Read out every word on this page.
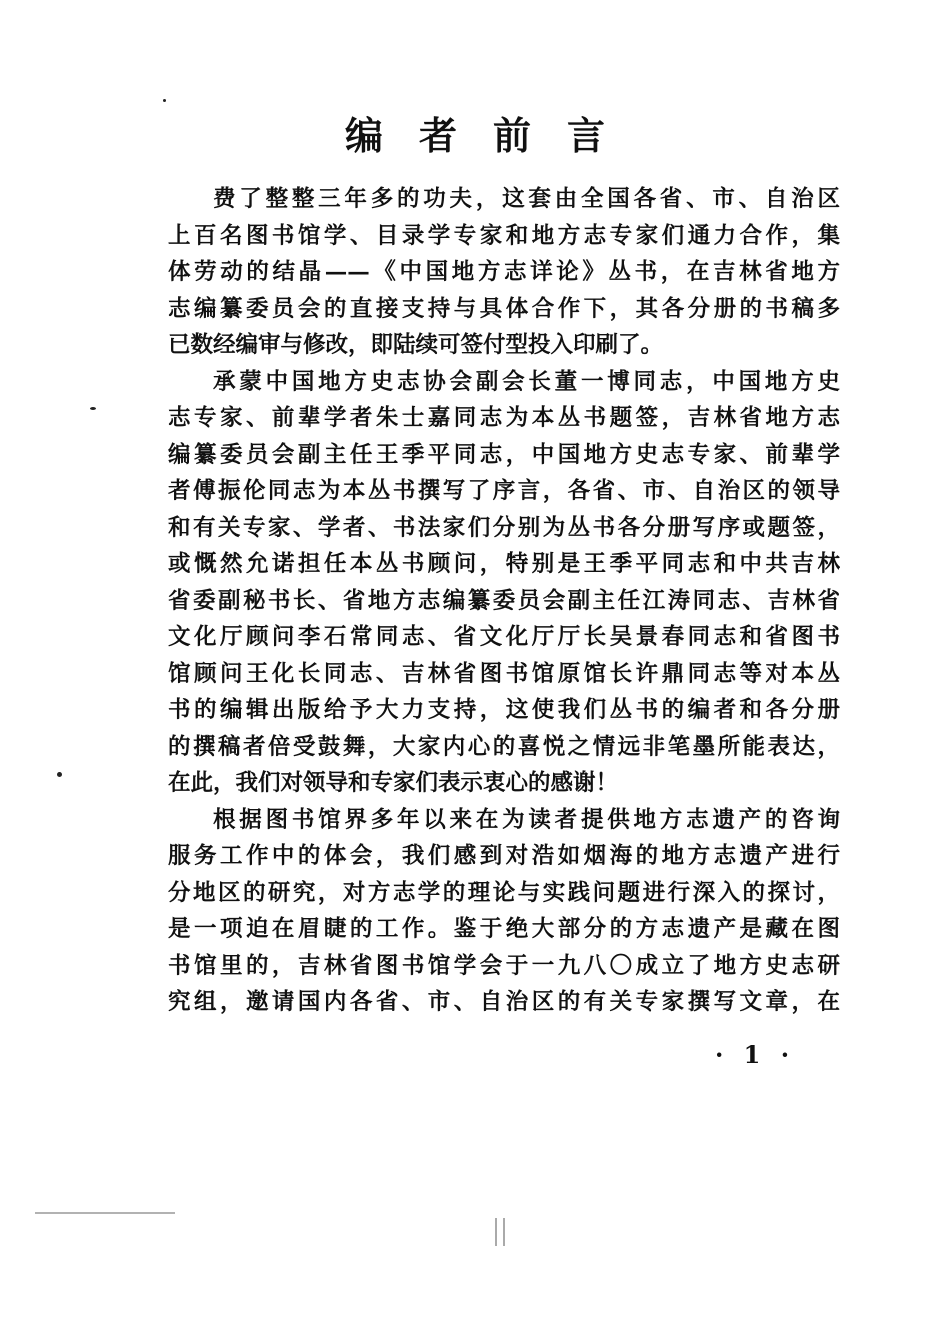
编者前言
费了整整三年多的功夫，这套由全国各省、市、自治区
上百名图书馆学、目录学专家和地方志专家们通力合作，集
体劳动的结晶——《中国地方志详论》丛书，在吉林省地方
志编纂委员会的直接支持与具体合作下，其各分册的书稿多
已数经编审与修改，即陆续可签付型投入印刷了。
承蒙中国地方史志协会副会长董一博同志，中国地方史
志专家、前辈学者朱士嘉同志为本丛书题签，吉林省地方志
编纂委员会副主任王季平同志，中国地方史志专家、前辈学
者傅振伦同志为本丛书撰写了序言，各省、市、自治区的领导
和有关专家、学者、书法家们分别为丛书各分册写序或题签，
或慨然允诺担任本丛书顾问，特别是王季平同志和中共吉林
省委副秘书长、省地方志编纂委员会副主任江涛同志、吉林省
文化厅顾问李石常同志、省文化厅厅长吴景春同志和省图书
馆顾问王化长同志、吉林省图书馆原馆长许鼎同志等对本丛
书的编辑出版给予大力支持，这使我们丛书的编者和各分册
的撰稿者倍受鼓舞，大家内心的喜悦之情远非笔墨所能表达，
在此，我们对领导和专家们表示衷心的感谢！
根据图书馆界多年以来在为读者提供地方志遗产的咨询
服务工作中的体会，我们感到对浩如烟海的地方志遗产进行
分地区的研究，对方志学的理论与实践问题进行深入的探讨，
是一项迫在眉睫的工作。鉴于绝大部分的方志遗产是藏在图
书馆里的，吉林省图书馆学会于一九八〇成立了地方史志研
究组，邀请国内各省、市、自治区的有关专家撰写文章，在
· 1 ·
